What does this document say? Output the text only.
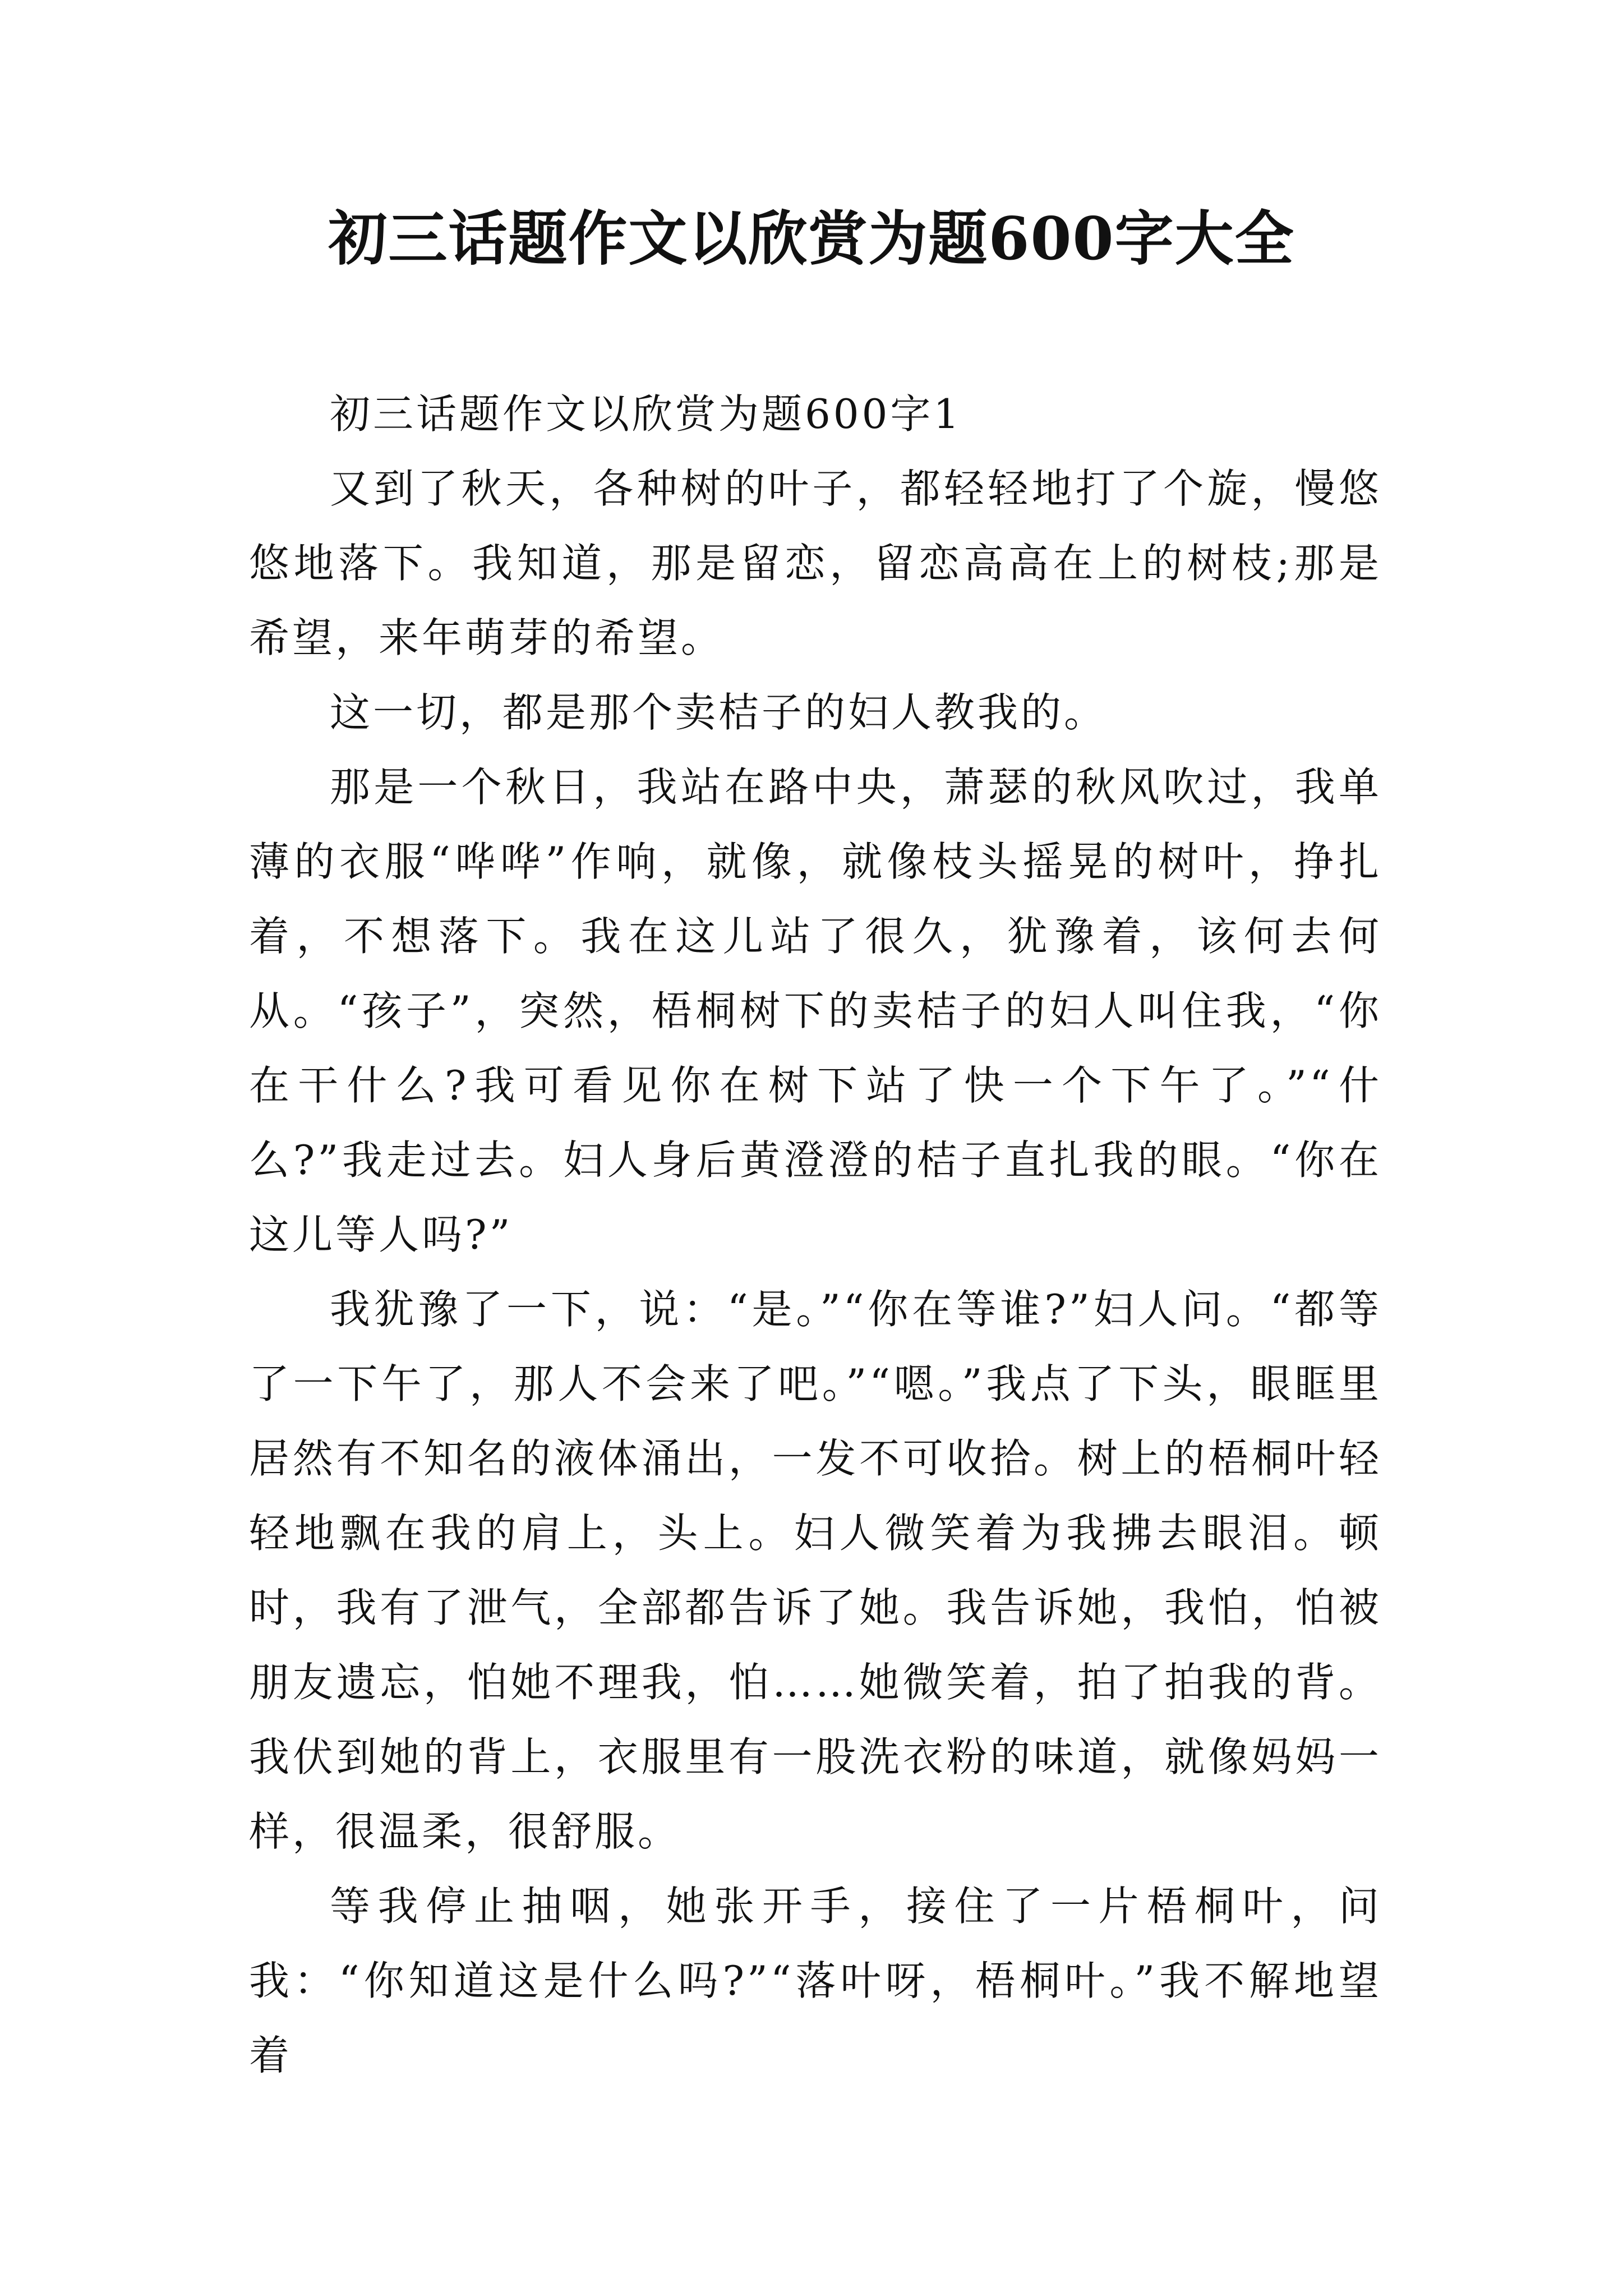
初三话题作文以欣赏为题600字大全

初三话题作文以欣赏为题600字1

又到了秋天，各种树的叶子，都轻轻地打了个旋，慢悠悠地落下。我知道，那是留恋，留恋高高在上的树枝;那是希望，来年萌芽的希望。

这一切，都是那个卖桔子的妇人教我的。

那是一个秋日，我站在路中央，萧瑟的秋风吹过，我单薄的衣服“哗哗”作响，就像，就像枝头摇晃的树叶，挣扎着，不想落下。我在这儿站了很久，犹豫着，该何去何从。“孩子”，突然，梧桐树下的卖桔子的妇人叫住我，“你在干什么?我可看见你在树下站了快一个下午了。”“什么?”我走过去。妇人身后黄澄澄的桔子直扎我的眼。“你在这儿等人吗?”

我犹豫了一下，说：“是。”“你在等谁?”妇人问。“都等了一下午了，那人不会来了吧。”“嗯。”我点了下头，眼眶里居然有不知名的液体涌出，一发不可收拾。树上的梧桐叶轻轻地飘在我的肩上，头上。妇人微笑着为我拂去眼泪。顿时，我有了泄气，全部都告诉了她。我告诉她，我怕，怕被朋友遗忘，怕她不理我，怕……她微笑着，拍了拍我的背。我伏到她的背上，衣服里有一股洗衣粉的味道，就像妈妈一样，很温柔，很舒服。

等我停止抽咽，她张开手，接住了一片梧桐叶，问我：“你知道这是什么吗?”“落叶呀，梧桐叶。”我不解地望着
